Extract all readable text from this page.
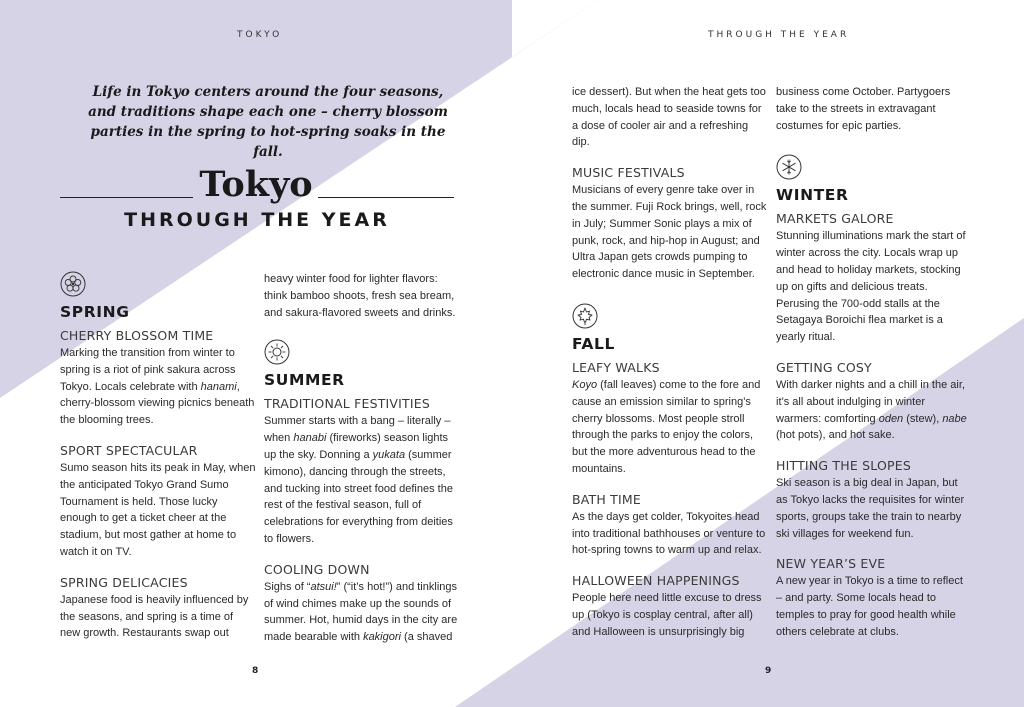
TOKYO
Life in Tokyo centers around the four seasons, and traditions shape each one – cherry blossom parties in the spring to hot-spring soaks in the fall.
Tokyo
THROUGH THE YEAR
SPRING
CHERRY BLOSSOM TIME

Marking the transition from winter to spring is a riot of pink sakura across Tokyo. Locals celebrate with hanami, cherry-blossom viewing picnics beneath the blooming trees.

SPORT SPECTACULAR

Sumo season hits its peak in May, when the anticipated Tokyo Grand Sumo Tournament is held. Those lucky enough to get a ticket cheer at the stadium, but most gather at home to watch it on TV.

SPRING DELICACIES

Japanese food is heavily influenced by the seasons, and spring is a time of new growth. Restaurants swap out

heavy winter food for lighter flavors: think bamboo shoots, fresh sea bream, and sakura-flavored sweets and drinks.

SUMMER
TRADITIONAL FESTIVITIES

Summer starts with a bang – literally – when hanabi (fireworks) season lights up the sky. Donning a yukata (summer kimono), dancing through the streets, and tucking into street food defines the rest of the festival season, full of celebrations for everything from deities to flowers.

COOLING DOWN

Sighs of “atsui!” (“it’s hot!”) and tinklings of wind chimes make up the sounds of summer. Hot, humid days in the city are made bearable with kakigori (a shaved

8
THROUGH THE YEAR

ice dessert). But when the heat gets too much, locals head to seaside towns for a dose of cooler air and a refreshing dip.

MUSIC FESTIVALS

Musicians of every genre take over in the summer. Fuji Rock brings, well, rock in July; Summer Sonic plays a mix of punk, rock, and hip-hop in August; and Ultra Japan gets crowds pumping to electronic dance music in September.

FALL
LEAFY WALKS

Koyo (fall leaves) come to the fore and cause an emission similar to spring’s cherry blossoms. Most people stroll through the parks to enjoy the colors, but the more adventurous head to the mountains.

BATH TIME

As the days get colder, Tokyoites head into traditional bathhouses or venture to hot-spring towns to warm up and relax.

HALLOWEEN HAPPENINGS

People here need little excuse to dress up (Tokyo is cosplay central, after all) and Halloween is unsurprisingly big

business come October. Partygoers take to the streets in extravagant costumes for epic parties.

WINTER
MARKETS GALORE

Stunning illuminations mark the start of winter across the city. Locals wrap up and head to holiday markets, stocking up on gifts and delicious treats. Perusing the 700-odd stalls at the Setagaya Boroichi flea market is a yearly ritual.

GETTING COSY

With darker nights and a chill in the air, it’s all about indulging in winter warmers: comforting oden (stew), nabe (hot pots), and hot sake.

HITTING THE SLOPES

Ski season is a big deal in Japan, but as Tokyo lacks the requisites for winter sports, groups take the train to nearby ski villages for weekend fun.

NEW YEAR’S EVE

A new year in Tokyo is a time to reflect – and party. Some locals head to temples to pray for good health while others celebrate at clubs.

9
